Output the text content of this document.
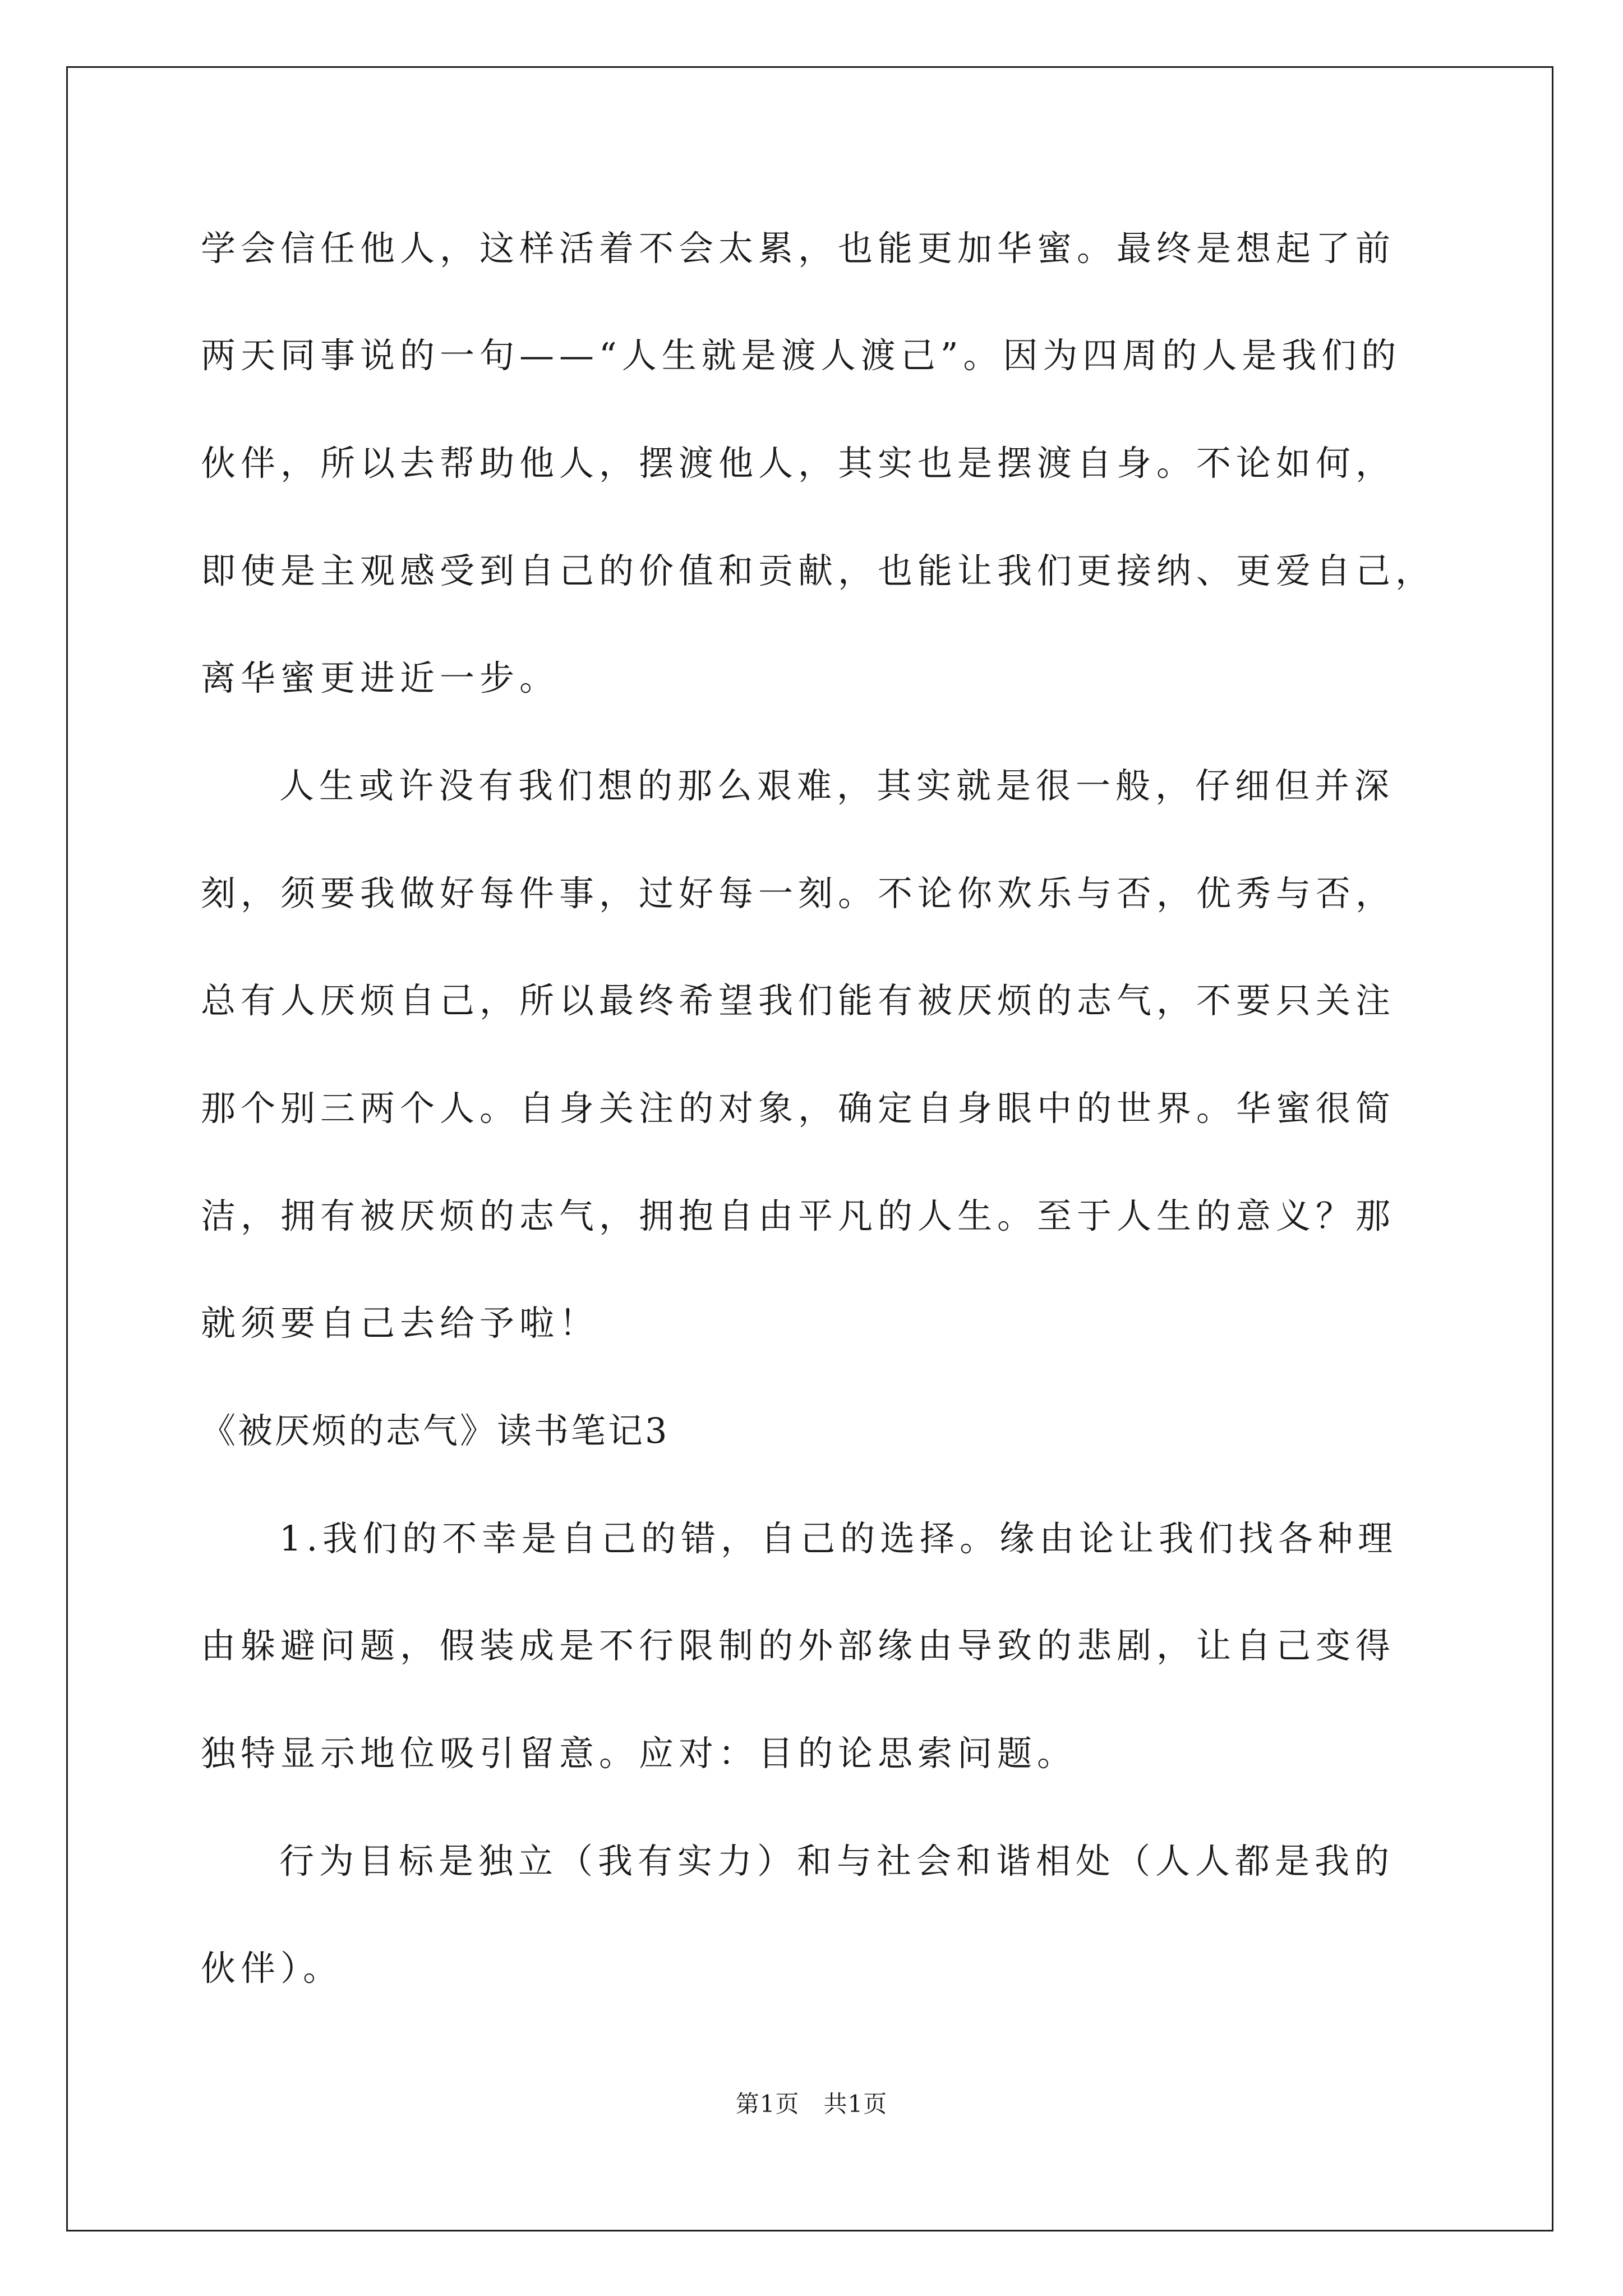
学会信任他人，这样活着不会太累，也能更加华蜜。最终是想起了前
两天同事说的一句——“人生就是渡人渡己”。因为四周的人是我们的
伙伴，所以去帮助他人，摆渡他人，其实也是摆渡自身。不论如何，
即使是主观感受到自己的价值和贡献，也能让我们更接纳、更爱自己，
离华蜜更进近一步。
人生或许没有我们想的那么艰难，其实就是很一般，仔细但并深
刻，须要我做好每件事，过好每一刻。不论你欢乐与否，优秀与否，
总有人厌烦自己，所以最终希望我们能有被厌烦的志气，不要只关注
那个别三两个人。自身关注的对象，确定自身眼中的世界。华蜜很简
洁，拥有被厌烦的志气，拥抱自由平凡的人生。至于人生的意义？那
就须要自己去给予啦！
《被厌烦的志气》读书笔记3
1.我们的不幸是自己的错，自己的选择。缘由论让我们找各种理
由躲避问题，假装成是不行限制的外部缘由导致的悲剧，让自己变得
独特显示地位吸引留意。应对：目的论思索问题。
行为目标是独立（我有实力）和与社会和谐相处（人人都是我的
伙伴）。
第1页　共1页
